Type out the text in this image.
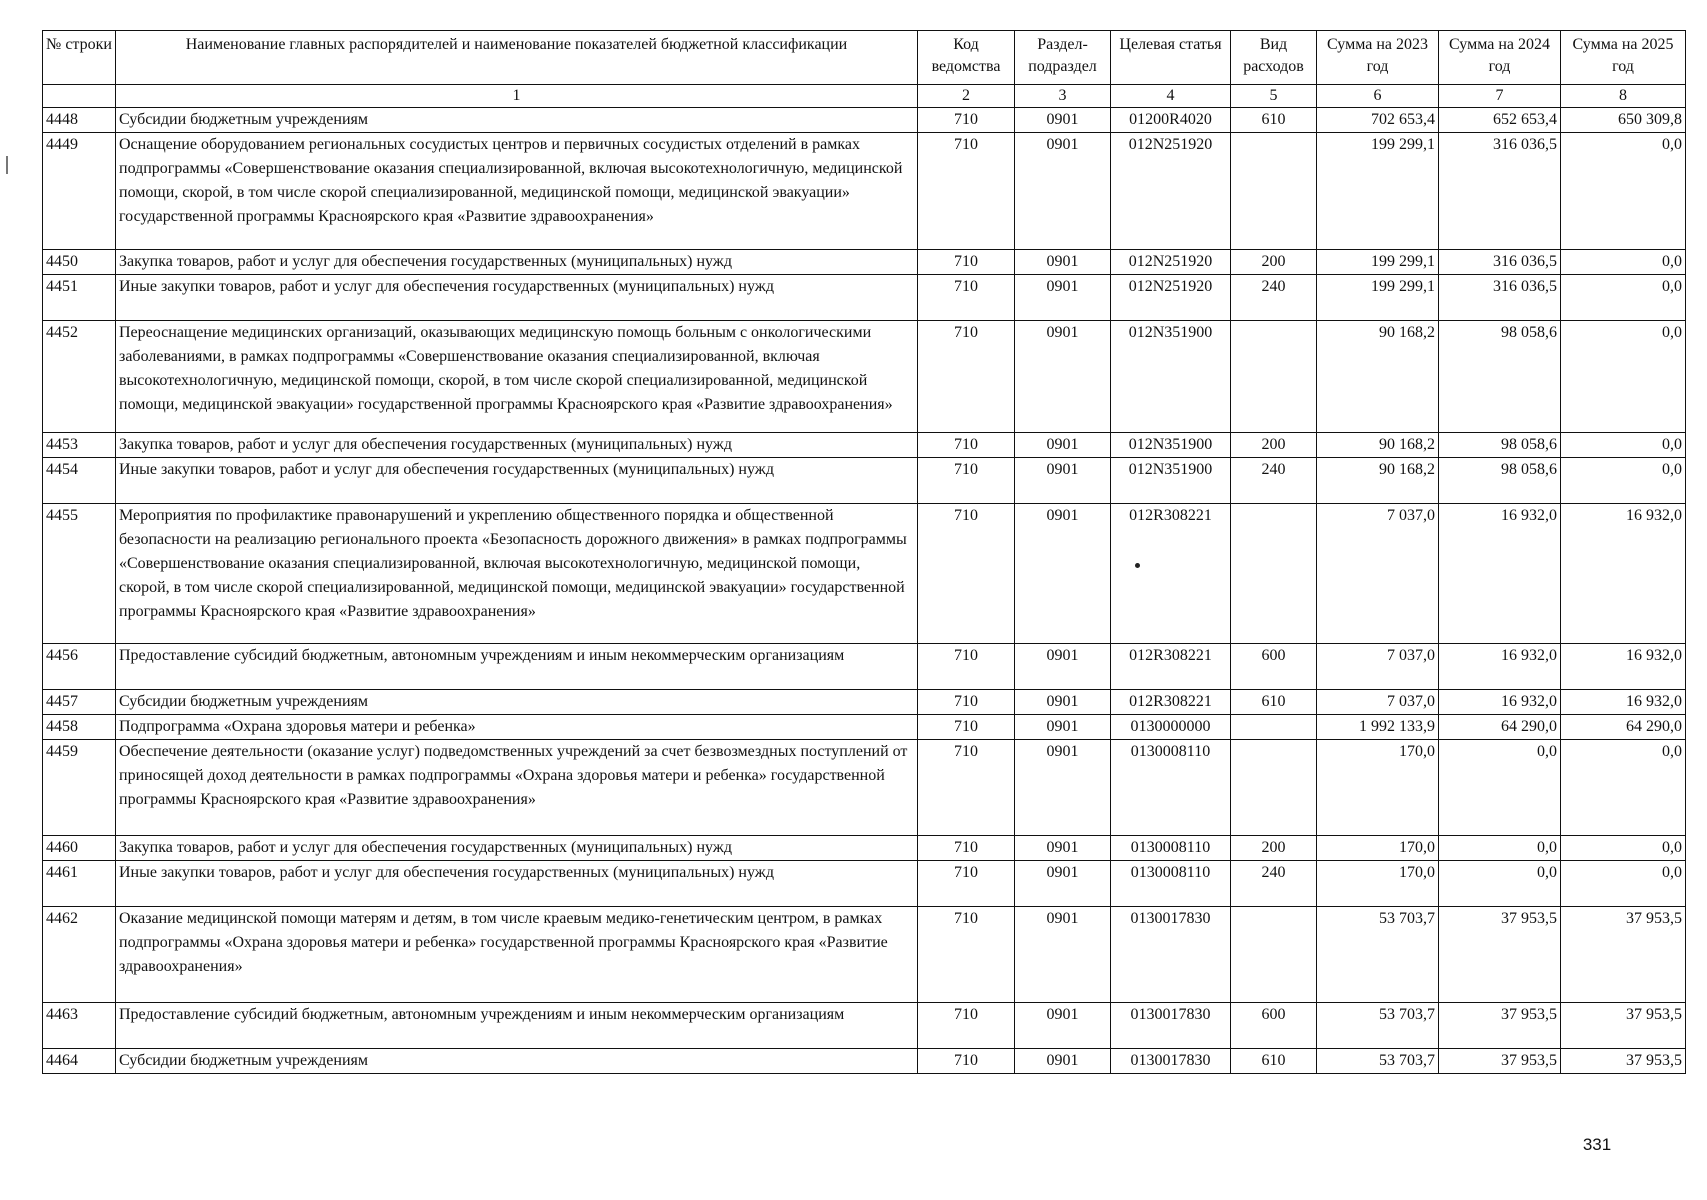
№ строки	Наименование главных распорядителей и наименование показателей бюджетной классификации	Код ведомства	Раздел-подраздел	Целевая статья	Вид расходов	Сумма на 2023 год	Сумма на 2024 год	Сумма на 2025 год
	1	2	3	4	5	6	7	8
4448	Субсидии бюджетным учреждениям	710	0901	01200R4020	610	702 653,4	652 653,4	650 309,8
4449	Оснащение оборудованием региональных сосудистых центров и первичных сосудистых отделений в рамках подпрограммы «Совершенствование оказания специализированной, включая высокотехнологичную, медицинской помощи, скорой, в том числе скорой специализированной, медицинской помощи, медицинской эвакуации» государственной программы Красноярского края «Развитие здравоохранения»	710	0901	012N251920		199 299,1	316 036,5	0,0
4450	Закупка товаров, работ и услуг для обеспечения государственных (муниципальных) нужд	710	0901	012N251920	200	199 299,1	316 036,5	0,0
4451	Иные закупки товаров, работ и услуг для обеспечения государственных (муниципальных) нужд	710	0901	012N251920	240	199 299,1	316 036,5	0,0
4452	Переоснащение медицинских организаций, оказывающих медицинскую помощь больным с онкологическими заболеваниями, в рамках подпрограммы «Совершенствование оказания специализированной, включая высокотехнологичную, медицинской помощи, скорой, в том числе скорой специализированной, медицинской помощи, медицинской эвакуации» государственной программы Красноярского края «Развитие здравоохранения»	710	0901	012N351900		90 168,2	98 058,6	0,0
4453	Закупка товаров, работ и услуг для обеспечения государственных (муниципальных) нужд	710	0901	012N351900	200	90 168,2	98 058,6	0,0
4454	Иные закупки товаров, работ и услуг для обеспечения государственных (муниципальных) нужд	710	0901	012N351900	240	90 168,2	98 058,6	0,0
4455	Мероприятия по профилактике правонарушений и укреплению общественного порядка и общественной безопасности на реализацию регионального проекта «Безопасность дорожного движения» в рамках подпрограммы «Совершенствование оказания специализированной, включая высокотехнологичную, медицинской помощи, скорой, в том числе скорой специализированной, медицинской помощи, медицинской эвакуации» государственной программы Красноярского края «Развитие здравоохранения»	710	0901	012R308221		7 037,0	16 932,0	16 932,0
4456	Предоставление субсидий бюджетным, автономным учреждениям и иным некоммерческим организациям	710	0901	012R308221	600	7 037,0	16 932,0	16 932,0
4457	Субсидии бюджетным учреждениям	710	0901	012R308221	610	7 037,0	16 932,0	16 932,0
4458	Подпрограмма «Охрана здоровья матери и ребенка»	710	0901	0130000000		1 992 133,9	64 290,0	64 290,0
4459	Обеспечение деятельности (оказание услуг) подведомственных учреждений за счет безвозмездных поступлений от приносящей доход деятельности в рамках подпрограммы «Охрана здоровья матери и ребенка» государственной программы Красноярского края «Развитие здравоохранения»	710	0901	0130008110		170,0	0,0	0,0
4460	Закупка товаров, работ и услуг для обеспечения государственных (муниципальных) нужд	710	0901	0130008110	200	170,0	0,0	0,0
4461	Иные закупки товаров, работ и услуг для обеспечения государственных (муниципальных) нужд	710	0901	0130008110	240	170,0	0,0	0,0
4462	Оказание медицинской помощи матерям и детям, в том числе краевым медико-генетическим центром, в рамках подпрограммы «Охрана здоровья матери и ребенка» государственной программы Красноярского края «Развитие здравоохранения»	710	0901	0130017830		53 703,7	37 953,5	37 953,5
4463	Предоставление субсидий бюджетным, автономным учреждениям и иным некоммерческим организациям	710	0901	0130017830	600	53 703,7	37 953,5	37 953,5
4464	Субсидии бюджетным учреждениям	710	0901	0130017830	610	53 703,7	37 953,5	37 953,5
331
